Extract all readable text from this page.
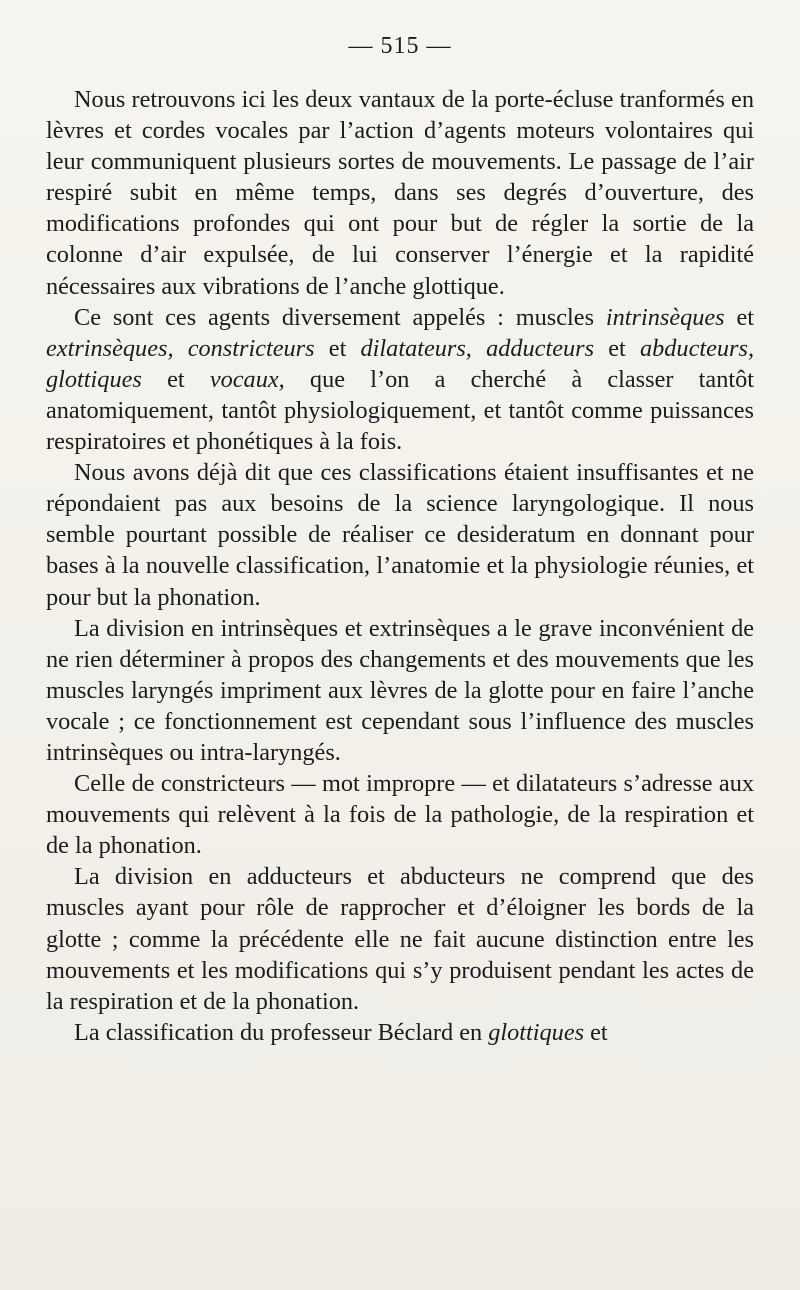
— 515 —

Nous retrouvons ici les deux vantaux de la porte-écluse tranformés en lèvres et cordes vocales par l’action d’agents moteurs volontaires qui leur communiquent plusieurs sortes de mouvements. Le passage de l’air respiré subit en même temps, dans ses degrés d’ouverture, des modifications profondes qui ont pour but de régler la sortie de la colonne d’air expulsée, de lui conserver l’énergie et la rapidité nécessaires aux vibrations de l’anche glottique.

Ce sont ces agents diversement appelés : muscles intrinsèques et extrinsèques, constricteurs et dilatateurs, adducteurs et abducteurs, glottiques et vocaux, que l’on a cherché à classer tantôt anatomiquement, tantôt physiologiquement, et tantôt comme puissances respiratoires et phonétiques à la fois.

Nous avons déjà dit que ces classifications étaient insuffisantes et ne répondaient pas aux besoins de la science laryngologique. Il nous semble pourtant possible de réaliser ce desideratum en donnant pour bases à la nouvelle classification, l’anatomie et la physiologie réunies, et pour but la phonation.

La division en intrinsèques et extrinsèques a le grave inconvénient de ne rien déterminer à propos des changements et des mouvements que les muscles laryngés impriment aux lèvres de la glotte pour en faire l’anche vocale ; ce fonctionnement est cependant sous l’influence des muscles intrinsèques ou intra-laryngés.

Celle de constricteurs — mot impropre — et dilatateurs s’adresse aux mouvements qui relèvent à la fois de la pathologie, de la respiration et de la phonation.

La division en adducteurs et abducteurs ne comprend que des muscles ayant pour rôle de rapprocher et d’éloigner les bords de la glotte ; comme la précédente elle ne fait aucune distinction entre les mouvements et les modifications qui s’y produisent pendant les actes de la respiration et de la phonation.

La classification du professeur Béclard en glottiques et
